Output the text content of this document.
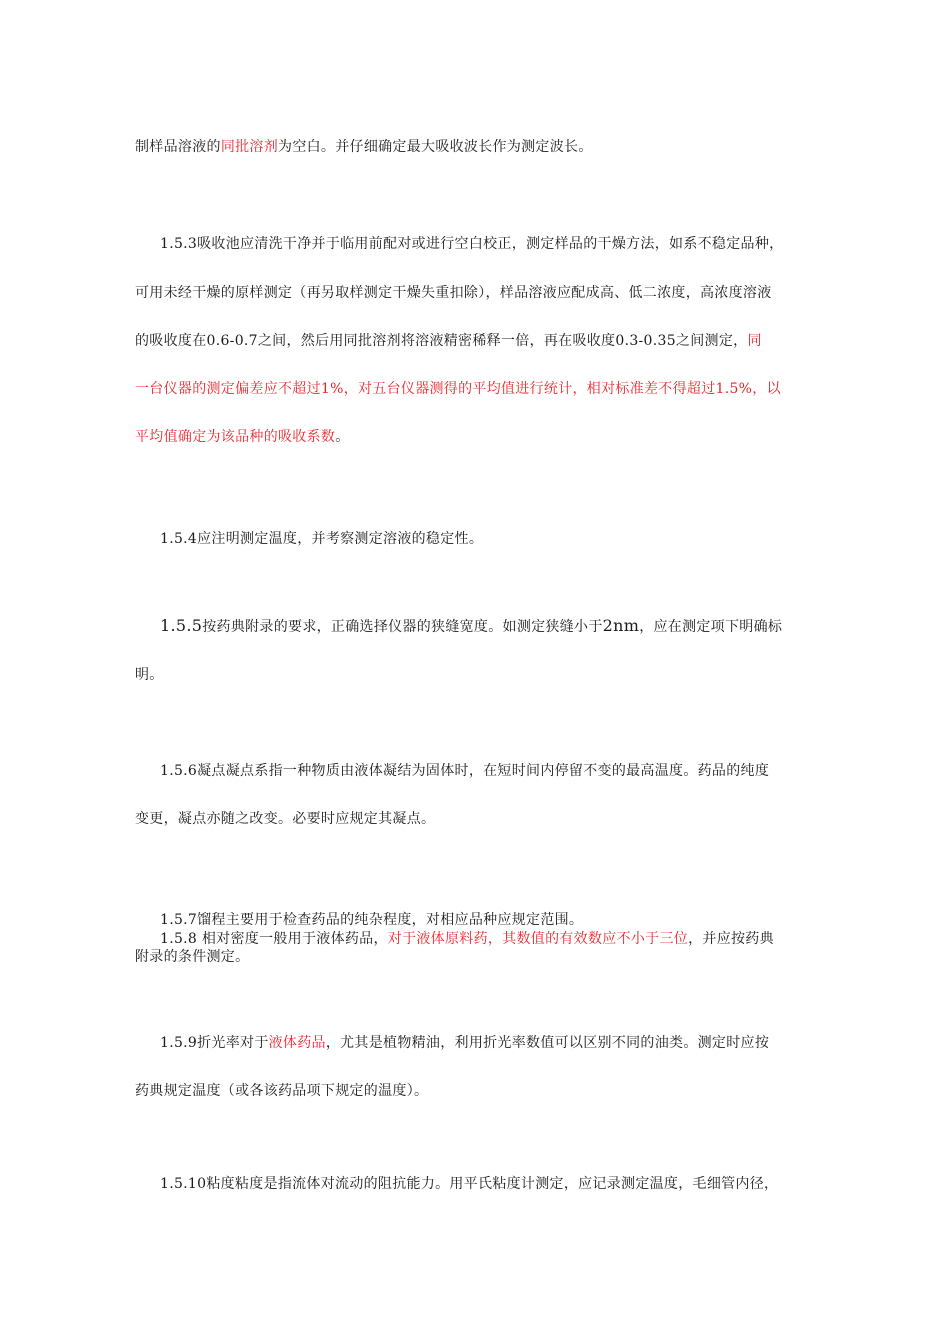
制样品溶液的同批溶剂为空白。并仔细确定最大吸收波长作为测定波长。
1.5.3吸收池应清洗干净并于临用前配对或进行空白校正，测定样品的干燥方法，如系不稳定品种，
可用未经干燥的原样测定（再另取样测定干燥失重扣除），样品溶液应配成高、低二浓度，高浓度溶液
的吸收度在0.6-0.7之间，然后用同批溶剂将溶液精密稀释一倍，再在吸收度0.3-0.35之间测定，同
一台仪器的测定偏差应不超过1%，对五台仪器测得的平均值进行统计，相对标准差不得超过1.5%，以
平均值确定为该品种的吸收系数。
1.5.4应注明测定温度，并考察测定溶液的稳定性。
1.5.5按药典附录的要求，正确选择仪器的狭缝宽度。如测定狭缝小于2nm，应在测定项下明确标
明。
1.5.6凝点凝点系指一种物质由液体凝结为固体时，在短时间内停留不变的最高温度。药品的纯度
变更，凝点亦随之改变。必要时应规定其凝点。
1.5.7馏程主要用于检查药品的纯杂程度，对相应品种应规定范围。
1.5.8 相对密度一般用于液体药品，对于液体原料药，其数值的有效数应不小于三位，并应按药典
附录的条件测定。
1.5.9折光率对于液体药品，尤其是植物精油，利用折光率数值可以区别不同的油类。测定时应按
药典规定温度（或各该药品项下规定的温度）。
1.5.10粘度粘度是指流体对流动的阻抗能力。用平氏粘度计测定，应记录测定温度，毛细管内径，
